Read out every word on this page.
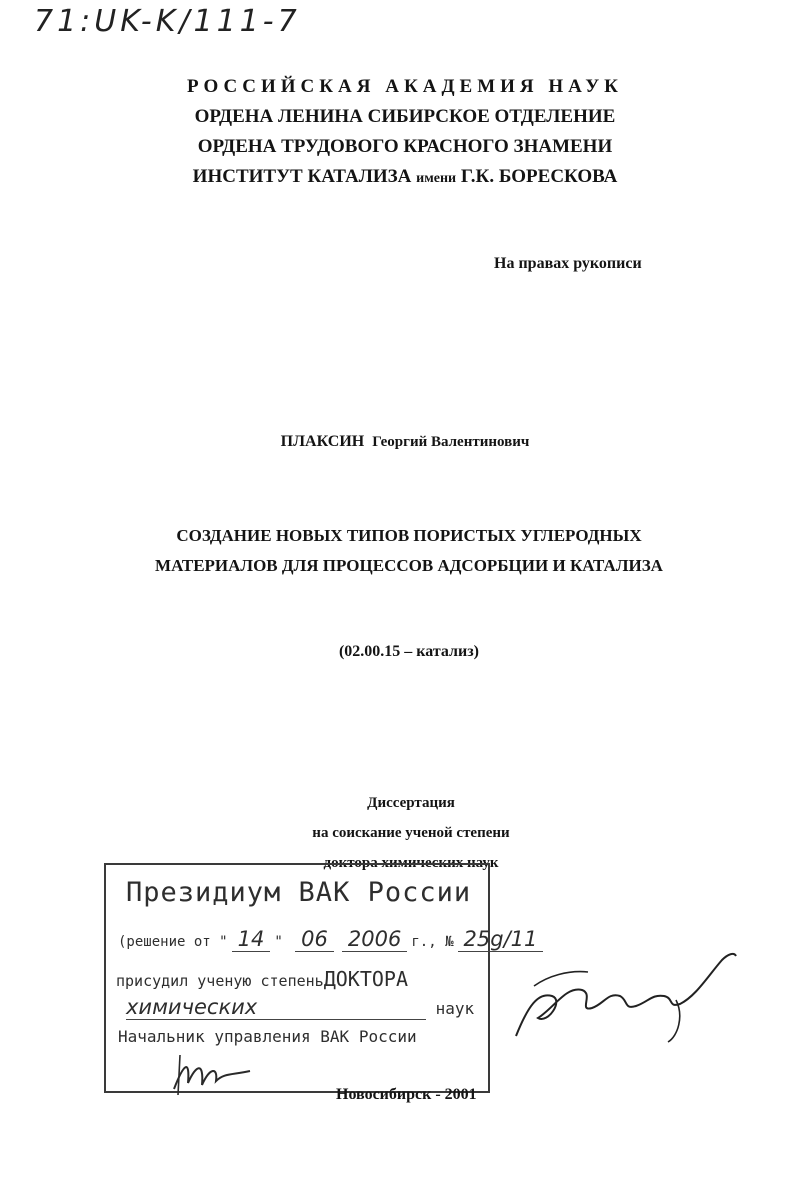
71:UK-K/111-7
РОССИЙСКАЯ АКАДЕМИЯ НАУК
ОРДЕНА ЛЕНИНА СИБИРСКОЕ ОТДЕЛЕНИЕ
ОРДЕНА ТРУДОВОГО КРАСНОГО ЗНАМЕНИ
ИНСТИТУТ КАТАЛИЗА имени Г.К. БОРЕСКОВА
На правах рукописи
ПЛАКСИН Георгий Валентинович
СОЗДАНИЕ НОВЫХ ТИПОВ ПОРИСТЫХ УГЛЕРОДНЫХ
МАТЕРИАЛОВ ДЛЯ ПРОЦЕССОВ АДСОРБЦИИ И КАТАЛИЗА
(02.00.15 – катализ)
Диссертация
на соискание ученой степени
доктора химических наук
Президиум ВАК России
(решение от " 14 " 06 2006 г., № 25g/11
присудил ученую степеньДОКТОРА
химических	наук
Начальник управления ВАК России
Новосибирск - 2001
